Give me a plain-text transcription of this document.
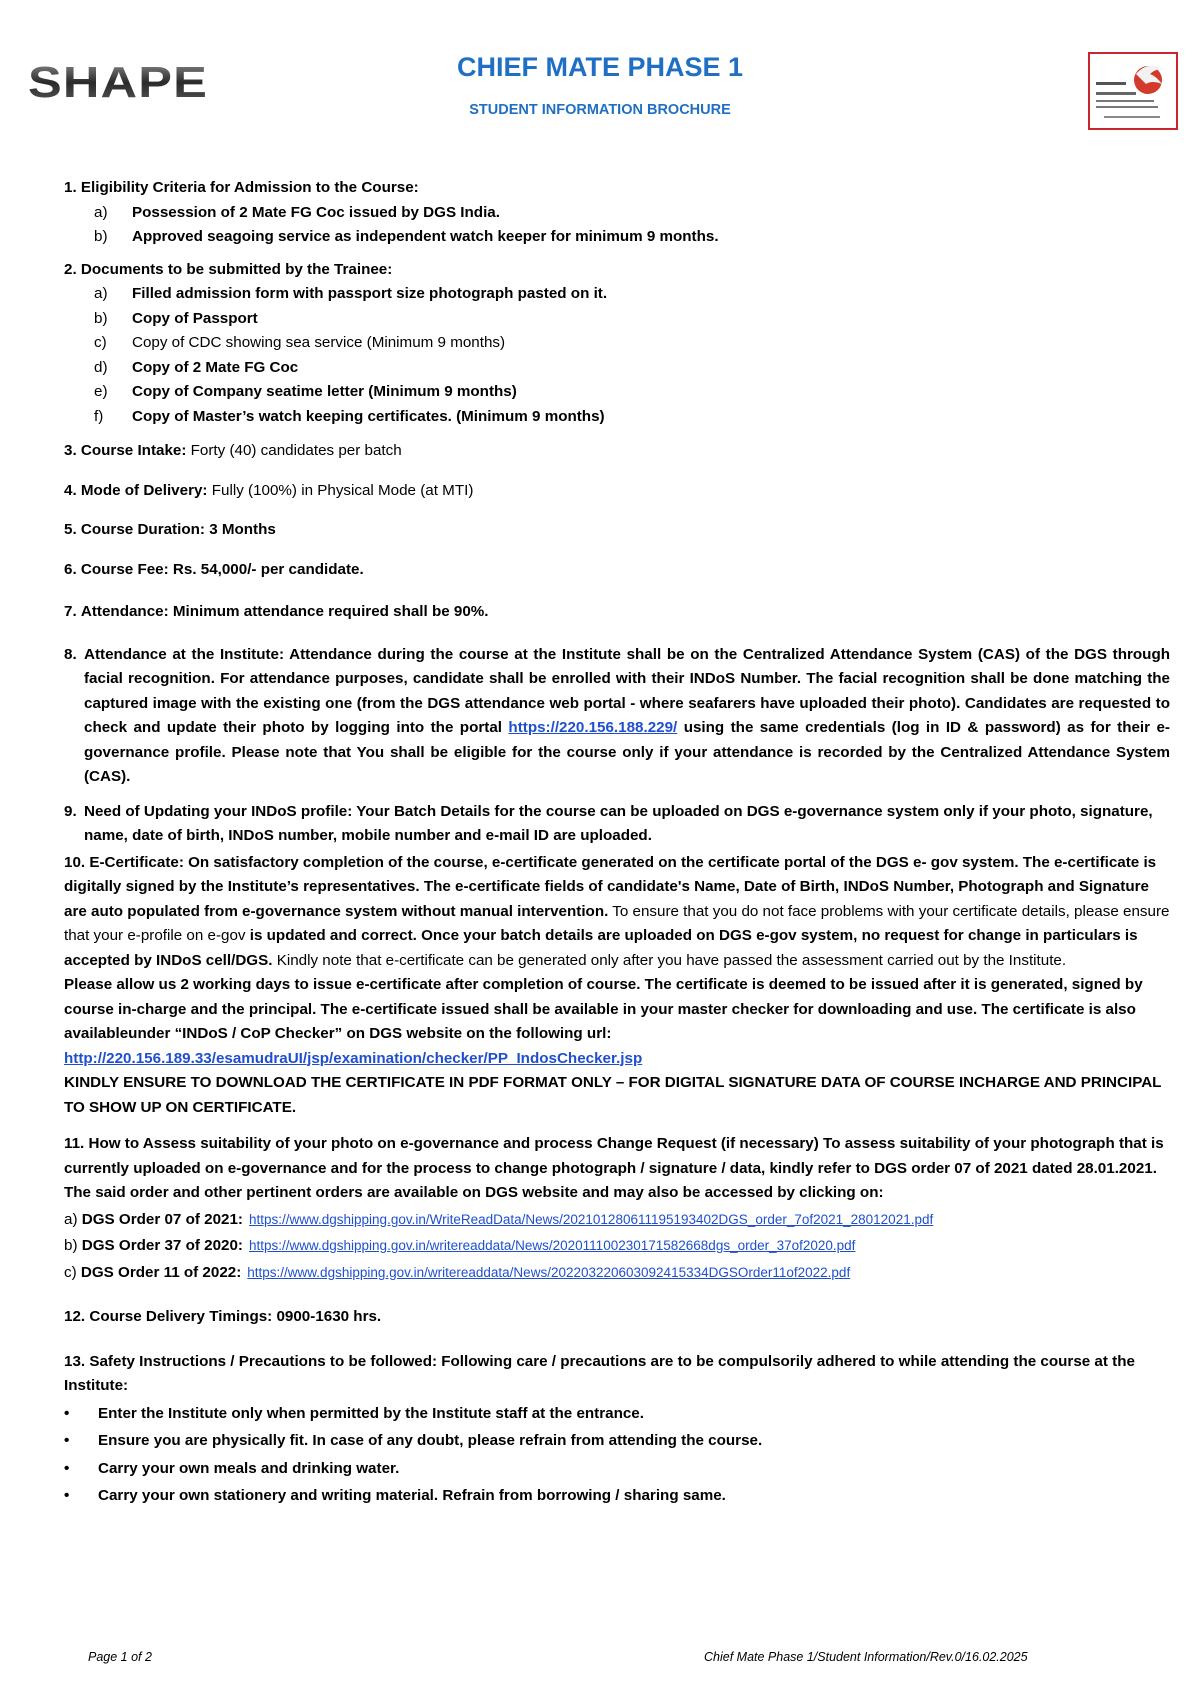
SHAPE	CHIEF MATE PHASE 1
STUDENT INFORMATION BROCHURE
1. Eligibility Criteria for Admission to the Course:
a)	Possession of 2 Mate FG Coc issued by DGS India.
b)	Approved seagoing service as independent watch keeper for minimum 9 months.
2. Documents to be submitted by the Trainee:
a)	Filled admission form with passport size photograph pasted on it.
b)	Copy of Passport
c)	Copy of CDC showing sea service (Minimum 9 months)
d)	Copy of 2 Mate FG Coc
e)	Copy of Company seatime letter (Minimum 9 months)
f)	Copy of Master’s watch keeping certificates. (Minimum 9 months)
3. Course Intake: Forty (40) candidates per batch
4. Mode of Delivery: Fully (100%) in Physical Mode (at MTI)
5. Course Duration: 3 Months
6. Course Fee: Rs. 54,000/- per candidate.
7. Attendance: Minimum attendance required shall be 90%.
8. Attendance at the Institute: Attendance during the course at the Institute shall be on the Centralized Attendance System (CAS) of the DGS through facial recognition. For attendance purposes, candidate shall be enrolled with their INDoS Number. The facial recognition shall be done matching the captured image with the existing one (from the DGS attendance web portal - where seafarers have uploaded their photo). Candidates are requested to check and update their photo by logging into the portal https://220.156.188.229/ using the same credentials (log in ID & password) as for their e-governance profile. Please note that You shall be eligible for the course only if your attendance is recorded by the Centralized Attendance System (CAS).
9. Need of Updating your INDoS profile: Your Batch Details for the course can be uploaded on DGS e-governance system only if your photo, signature, name, date of birth, INDoS number, mobile number and e-mail ID are uploaded.
10. E-Certificate: On satisfactory completion of the course, e-certificate generated on the certificate portal of the DGS e- gov system. The e-certificate is digitally signed by the Institute’s representatives. The e-certificate fields of candidate's Name, Date of Birth, INDoS Number, Photograph and Signature are auto populated from e-governance system without manual intervention. To ensure that you do not face problems with your certificate details, please ensure that your e-profile on e-gov is updated and correct. Once your batch details are uploaded on DGS e-gov system, no request for change in particulars is accepted by INDoS cell/DGS. Kindly note that e-certificate can be generated only after you have passed the assessment carried out by the Institute.
Please allow us 2 working days to issue e-certificate after completion of course. The certificate is deemed to be issued after it is generated, signed by course in-charge and the principal. The e-certificate issued shall be available in your master checker for downloading and use. The certificate is also availableunder “INDoS / CoP Checker” on DGS website on the following url:
http://220.156.189.33/esamudraUI/jsp/examination/checker/PP_IndosChecker.jsp
KINDLY ENSURE TO DOWNLOAD THE CERTIFICATE IN PDF FORMAT ONLY – FOR DIGITAL SIGNATURE DATA OF COURSE INCHARGE AND PRINCIPAL TO SHOW UP ON CERTIFICATE.
11. How to Assess suitability of your photo on e-governance and process Change Request (if necessary) To assess suitability of your photograph that is currently uploaded on e-governance and for the process to change photograph / signature / data, kindly refer to DGS order 07 of 2021 dated 28.01.2021. The said order and other pertinent orders are available on DGS website and may also be accessed by clicking on:
a)
DGS Order 07 of 2021: https://www.dgshipping.gov.in/WriteReadData/News/202101280611195193402DGS_order_7of2021_28012021.pdf
b)
DGS Order 37 of 2020: https://www.dgshipping.gov.in/writereaddata/News/202011100230171582668dgs_order_37of2020.pdf
c)
DGS Order 11 of 2022: https://www.dgshipping.gov.in/writereaddata/News/202203220603092415334DGSOrder11of2022.pdf
12. Course Delivery Timings: 0900-1630 hrs.
13. Safety Instructions / Precautions to be followed: Following care / precautions are to be compulsorily adhered to while attending the course at the Institute:
•	Enter the Institute only when permitted by the Institute staff at the entrance.
•	Ensure you are physically fit. In case of any doubt, please refrain from attending the course.
•	Carry your own meals and drinking water.
•	Carry your own stationery and writing material. Refrain from borrowing / sharing same.
Page 1 of 2	Chief Mate Phase 1/Student Information/Rev.0/16.02.2025
